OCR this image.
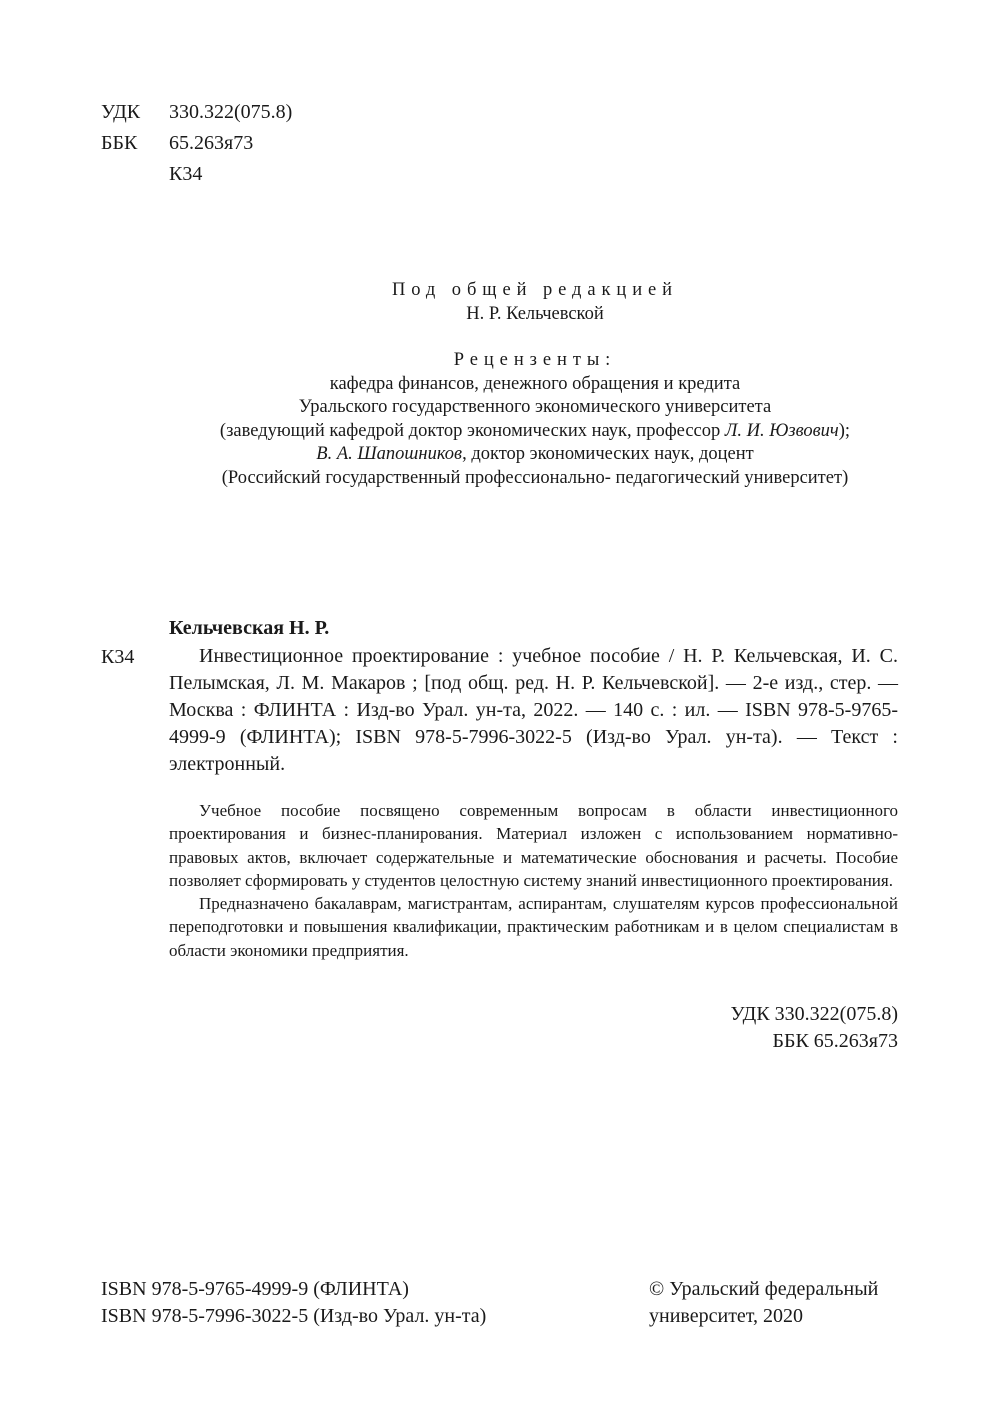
УДК	330.322(075.8)
ББК	65.263я73
К34
Под общей редакцией
Н. Р. Кельчевской
Рецензенты:
кафедра финансов, денежного обращения и кредита
Уральского государственного экономического университета
(заведующий кафедрой доктор экономических наук, профессор Л. И. Юзвович);
В. А. Шапошников, доктор экономических наук, доцент
(Российский государственный профессионально- педагогический университет)
Кельчевская Н. Р.
К34	Инвестиционное проектирование : учебное пособие / Н. Р. Кельчевская, И. С. Пелымская, Л. М. Макаров ; [под общ. ред. Н. Р. Кельчевской]. — 2-е изд., стер. — Москва : ФЛИНТА : Изд-во Урал. ун-та, 2022. — 140 с. : ил. — ISBN 978-5-9765-4999-9 (ФЛИНТА); ISBN 978-5-7996-3022-5 (Изд-во Урал. ун-та). — Текст : электронный.

Учебное пособие посвящено современным вопросам в области инвестиционного проектирования и бизнес-планирования. Материал изложен с использованием нормативно-правовых актов, включает содержательные и математические обоснования и расчеты. Пособие позволяет сформировать у студентов целостную систему знаний инвестиционного проектирования.

Предназначено бакалаврам, магистрантам, аспирантам, слушателям курсов профессиональной переподготовки и повышения квалификации, практическим работникам и в целом специалистам в области экономики предприятия.

УДК 330.322(075.8)
ББК 65.263я73
ISBN 978-5-9765-4999-9 (ФЛИНТА)
ISBN 978-5-7996-3022-5 (Изд-во Урал. ун-та)
© Уральский федеральный
университет, 2020
